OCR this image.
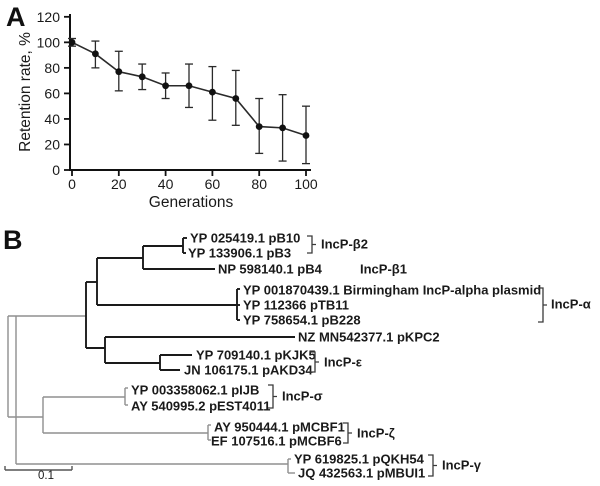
A
B
0
20
40
60
80
100
120
0	20 40 60 80 100
Generations
Retention rate, %
YP 025419.1 pB10
YP 133906.1 pB3
NP 598140.1 pB4
YP 001870439.1 Birmingham IncP-alpha plasmid
YP 112366 pTB11
YP 758654.1 pB228
NZ MN542377.1 pKPC2
YP 709140.1 pKJK5
JN 106175.1 pAKD34
YP 003358062.1 pIJB
AY 540995.2 pEST4011
AY 950444.1 pMCBF1
EF 107516.1 pMCBF6
YP 619825.1 pQKH54
JQ 432563.1 pMBUI1
IncP-β2
IncP-β1
IncP-α
IncP-ε
IncP-σ
IncP-ζ
IncP-γ
0.1
